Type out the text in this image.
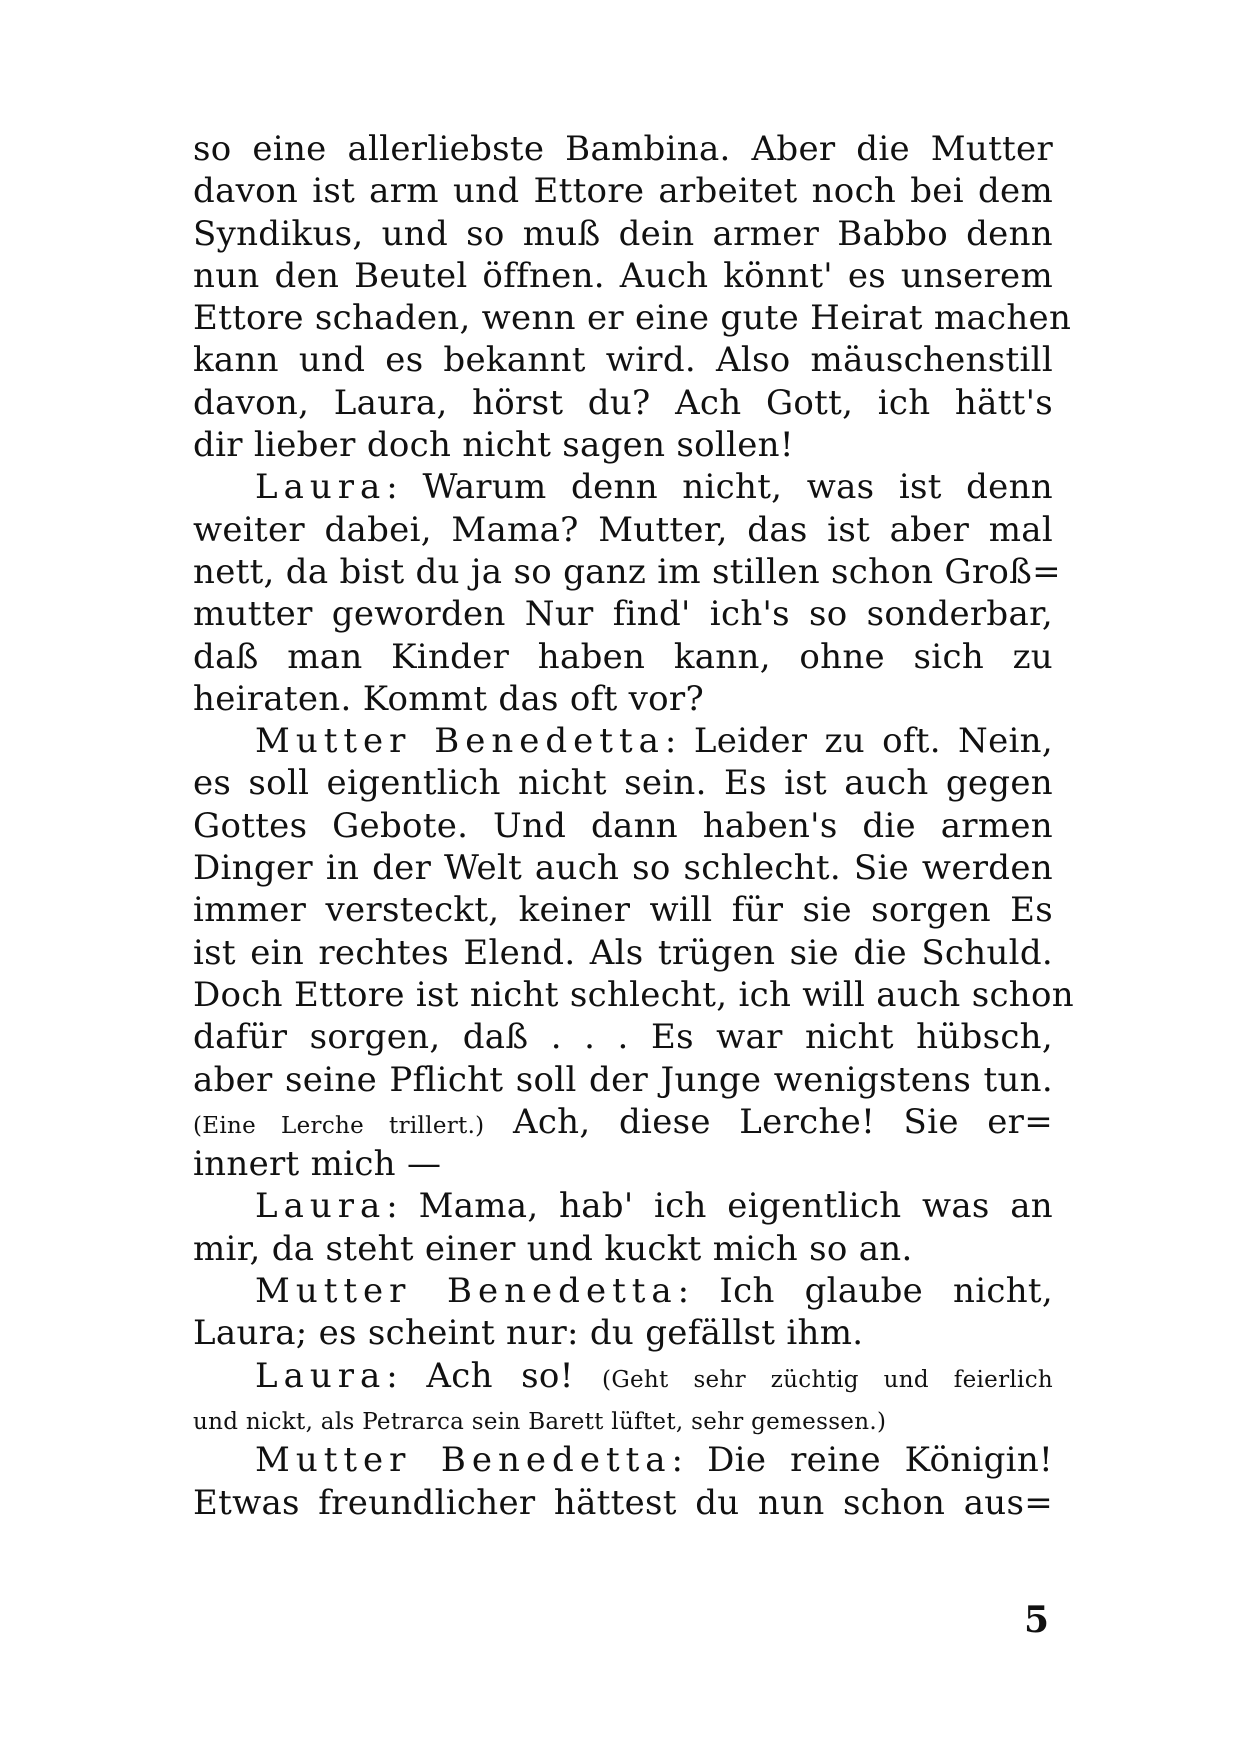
so eine allerliebste Bambina. Aber die Mutter
davon ist arm und Ettore arbeitet noch bei dem
Syndikus, und so muß dein armer Babbo denn
nun den Beutel öffnen. Auch könnt' es unserem
Ettore schaden, wenn er eine gute Heirat machen
kann und es bekannt wird. Also mäuschenstill
davon, Laura, hörst du? Ach Gott, ich hätt's
dir lieber doch nicht sagen sollen!
Laura: Warum denn nicht, was ist denn
weiter dabei, Mama? Mutter, das ist aber mal
nett, da bist du ja so ganz im stillen schon Groß=
mutter geworden Nur find' ich's so sonderbar,
daß man Kinder haben kann, ohne sich zu
heiraten. Kommt das oft vor?
Mutter Benedetta: Leider zu oft. Nein,
es soll eigentlich nicht sein. Es ist auch gegen
Gottes Gebote. Und dann haben's die armen
Dinger in der Welt auch so schlecht. Sie werden
immer versteckt, keiner will für sie sorgen Es
ist ein rechtes Elend. Als trügen sie die Schuld.
Doch Ettore ist nicht schlecht, ich will auch schon
dafür sorgen, daß . . . Es war nicht hübsch,
aber seine Pflicht soll der Junge wenigstens tun.
(Eine Lerche trillert.) Ach, diese Lerche! Sie er=
innert mich —
Laura: Mama, hab' ich eigentlich was an
mir, da steht einer und kuckt mich so an.
Mutter Benedetta: Ich glaube nicht,
Laura; es scheint nur: du gefällst ihm.
Laura: Ach so! (Geht sehr züchtig und feierlich
und nickt, als Petrarca sein Barett lüftet, sehr gemessen.)
Mutter Benedetta: Die reine Königin!
Etwas freundlicher hättest du nun schon aus=
5
